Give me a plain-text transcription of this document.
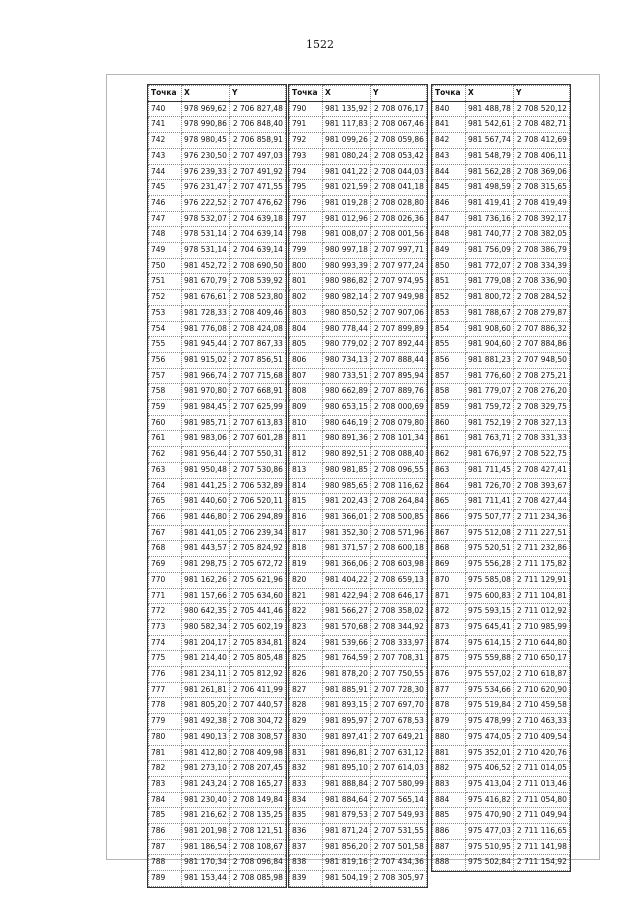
1522
Точка	X	Y
740	978 969,62	2 706 827,48
741	978 990,86	2 706 848,40
742	978 980,45	2 706 858,91
743	976 230,50	2 707 497,03
744	976 239,33	2 707 491,92
745	976 231,47	2 707 471,55
746	976 222,52	2 707 476,62
747	978 532,07	2 704 639,18
748	978 531,14	2 704 639,14
749	978 531,14	2 704 639,14
750	981 452,72	2 708 690,50
751	981 670,79	2 708 539,92
752	981 676,61	2 708 523,80
753	981 728,33	2 708 409,46
754	981 776,08	2 708 424,08
755	981 945,44	2 707 867,33
756	981 915,02	2 707 856,51
757	981 966,74	2 707 715,68
758	981 970,80	2 707 668,91
759	981 984,45	2 707 625,99
760	981 985,71	2 707 613,83
761	981 983,06	2 707 601,28
762	981 956,44	2 707 550,31
763	981 950,48	2 707 530,86
764	981 441,25	2 706 532,89
765	981 440,60	2 706 520,11
766	981 446,80	2 706 294,89
767	981 441,05	2 706 239,34
768	981 443,57	2 705 824,92
769	981 298,75	2 705 672,72
770	981 162,26	2 705 621,96
771	981 157,66	2 705 634,60
772	980 642,35	2 705 441,46
773	980 582,34	2 705 602,19
774	981 204,17	2 705 834,81
775	981 214,40	2 705 805,48
776	981 234,11	2 705 812,92
777	981 261,81	2 706 411,99
778	981 805,20	2 707 440,57
779	981 492,38	2 708 304,72
780	981 490,13	2 708 308,57
781	981 412,80	2 708 409,98
782	981 273,10	2 708 207,45
783	981 243,24	2 708 165,27
784	981 230,40	2 708 149,84
785	981 216,62	2 708 135,25
786	981 201,98	2 708 121,51
787	981 186,54	2 708 108,67
788	981 170,34	2 708 096,84
789	981 153,44	2 708 085,98
Точка	X	Y
790	981 135,92	2 708 076,17
791	981 117,83	2 708 067,46
792	981 099,26	2 708 059,86
793	981 080,24	2 708 053,42
794	981 041,22	2 708 044,03
795	981 021,59	2 708 041,18
796	981 019,28	2 708 028,80
797	981 012,96	2 708 026,36
798	981 008,07	2 708 001,56
799	980 997,18	2 707 997,71
800	980 993,39	2 707 977,24
801	980 986,82	2 707 974,95
802	980 982,14	2 707 949,98
803	980 850,52	2 707 907,06
804	980 778,44	2 707 899,89
805	980 779,02	2 707 892,44
806	980 734,13	2 707 888,44
807	980 733,51	2 707 895,94
808	980 662,89	2 707 889,76
809	980 653,15	2 708 000,69
810	980 646,19	2 708 079,80
811	980 891,36	2 708 101,34
812	980 892,51	2 708 088,40
813	980 981,85	2 708 096,55
814	980 985,65	2 708 116,62
815	981 202,43	2 708 264,84
816	981 366,01	2 708 500,85
817	981 352,30	2 708 571,96
818	981 371,57	2 708 600,18
819	981 366,06	2 708 603,98
820	981 404,22	2 708 659,13
821	981 422,94	2 708 646,17
822	981 566,27	2 708 358,02
823	981 570,68	2 708 344,92
824	981 539,66	2 708 333,97
825	981 764,59	2 707 708,31
826	981 878,20	2 707 750,55
827	981 885,91	2 707 728,30
828	981 893,15	2 707 697,70
829	981 895,97	2 707 678,53
830	981 897,41	2 707 649,21
831	981 896,81	2 707 631,12
832	981 895,10	2 707 614,03
833	981 888,84	2 707 580,99
834	981 884,64	2 707 565,14
835	981 879,53	2 707 549,93
836	981 871,24	2 707 531,55
837	981 856,20	2 707 501,58
838	981 819,16	2 707 434,36
839	981 504,19	2 708 305,97
Точка	X	Y
840	981 488,78	2 708 520,12
841	981 542,61	2 708 482,71
842	981 567,74	2 708 412,69
843	981 548,79	2 708 406,11
844	981 562,28	2 708 369,06
845	981 498,59	2 708 315,65
846	981 419,41	2 708 419,49
847	981 736,16	2 708 392,17
848	981 740,77	2 708 382,05
849	981 756,09	2 708 386,79
850	981 772,07	2 708 334,39
851	981 779,08	2 708 336,90
852	981 800,72	2 708 284,52
853	981 788,67	2 708 279,87
854	981 908,60	2 707 886,32
855	981 904,60	2 707 884,86
856	981 881,23	2 707 948,50
857	981 776,60	2 708 275,21
858	981 779,07	2 708 276,20
859	981 759,72	2 708 329,75
860	981 752,19	2 708 327,13
861	981 763,71	2 708 331,33
862	981 676,97	2 708 522,75
863	981 711,45	2 708 427,41
864	981 726,70	2 708 393,67
865	981 711,41	2 708 427,44
866	975 507,77	2 711 234,36
867	975 512,08	2 711 227,51
868	975 520,51	2 711 232,86
869	975 556,28	2 711 175,82
870	975 585,08	2 711 129,91
871	975 600,83	2 711 104,81
872	975 593,15	2 711 012,92
873	975 645,41	2 710 985,99
874	975 614,15	2 710 644,80
875	975 559,88	2 710 650,17
876	975 557,02	2 710 618,87
877	975 534,66	2 710 620,90
878	975 519,84	2 710 459,58
879	975 478,99	2 710 463,33
880	975 474,05	2 710 409,54
881	975 352,01	2 710 420,76
882	975 406,52	2 711 014,05
883	975 413,04	2 711 013,46
884	975 416,82	2 711 054,80
885	975 470,90	2 711 049,94
886	975 477,03	2 711 116,65
887	975 510,95	2 711 141,98
888	975 502,84	2 711 154,92
